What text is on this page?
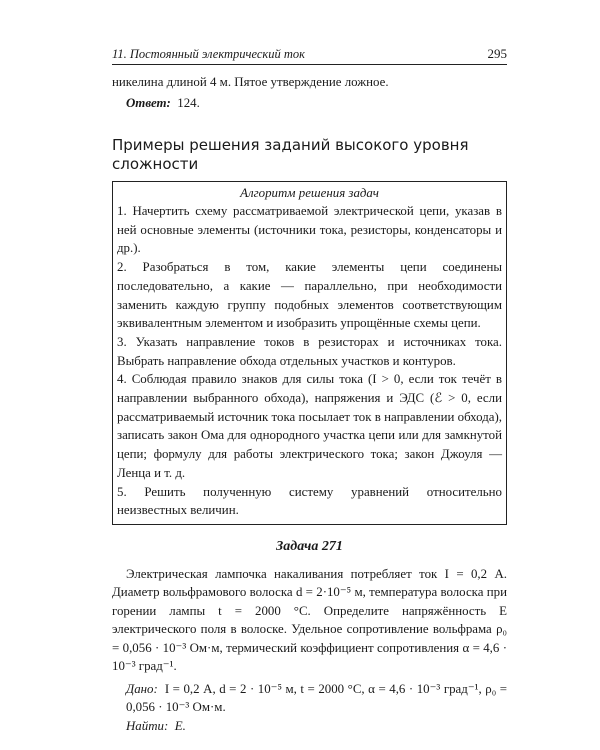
11. Постоянный электрический ток	295

никелина длиной 4 м. Пятое утверждение ложное.

Ответ: 124.

Примеры решения заданий высокого уровня сложности
Алгоритм решения задач

1. Начертить схему рассматриваемой электрической цепи, указав в ней основные элементы (источники тока, резисторы, конденсаторы и др.).

2. Разобраться в том, какие элементы цепи соединены последовательно, а какие — параллельно, при необходимости заменить каждую группу подобных элементов соответствующим эквивалентным элементом и изобразить упрощённые схемы цепи.

3. Указать направление токов в резисторах и источниках тока. Выбрать направление обхода отдельных участков и контуров.

4. Соблюдая правило знаков для силы тока (I > 0, если ток течёт в направлении выбранного обхода), напряжения и ЭДС (ℰ > 0, если рассматриваемый источник тока посылает ток в направлении обхода), записать закон Ома для однородного участка цепи или для замкнутой цепи; формулу для работы электрического тока; закон Джоуля — Ленца и т. д.

5. Решить полученную систему уравнений относительно неизвестных величин.

Задача 271

Электрическая лампочка накаливания потребляет ток I = 0,2 А. Диаметр вольфрамового волоска d = 2·10⁻⁵ м, температура волоска при горении лампы t = 2000 °С. Определите напряжённость E электрического поля в волоске. Удельное сопротивление вольфрама ρ₀ = 0,056 · 10⁻³ Ом·м, термический коэффициент сопротивления α = 4,6 · 10⁻³ град⁻¹.

Дано: I = 0,2 А, d = 2 · 10⁻⁵ м, t = 2000 °С, α = 4,6 · 10⁻³ град⁻¹, ρ₀ = 0,056 · 10⁻³ Ом·м.

Найти: E.
